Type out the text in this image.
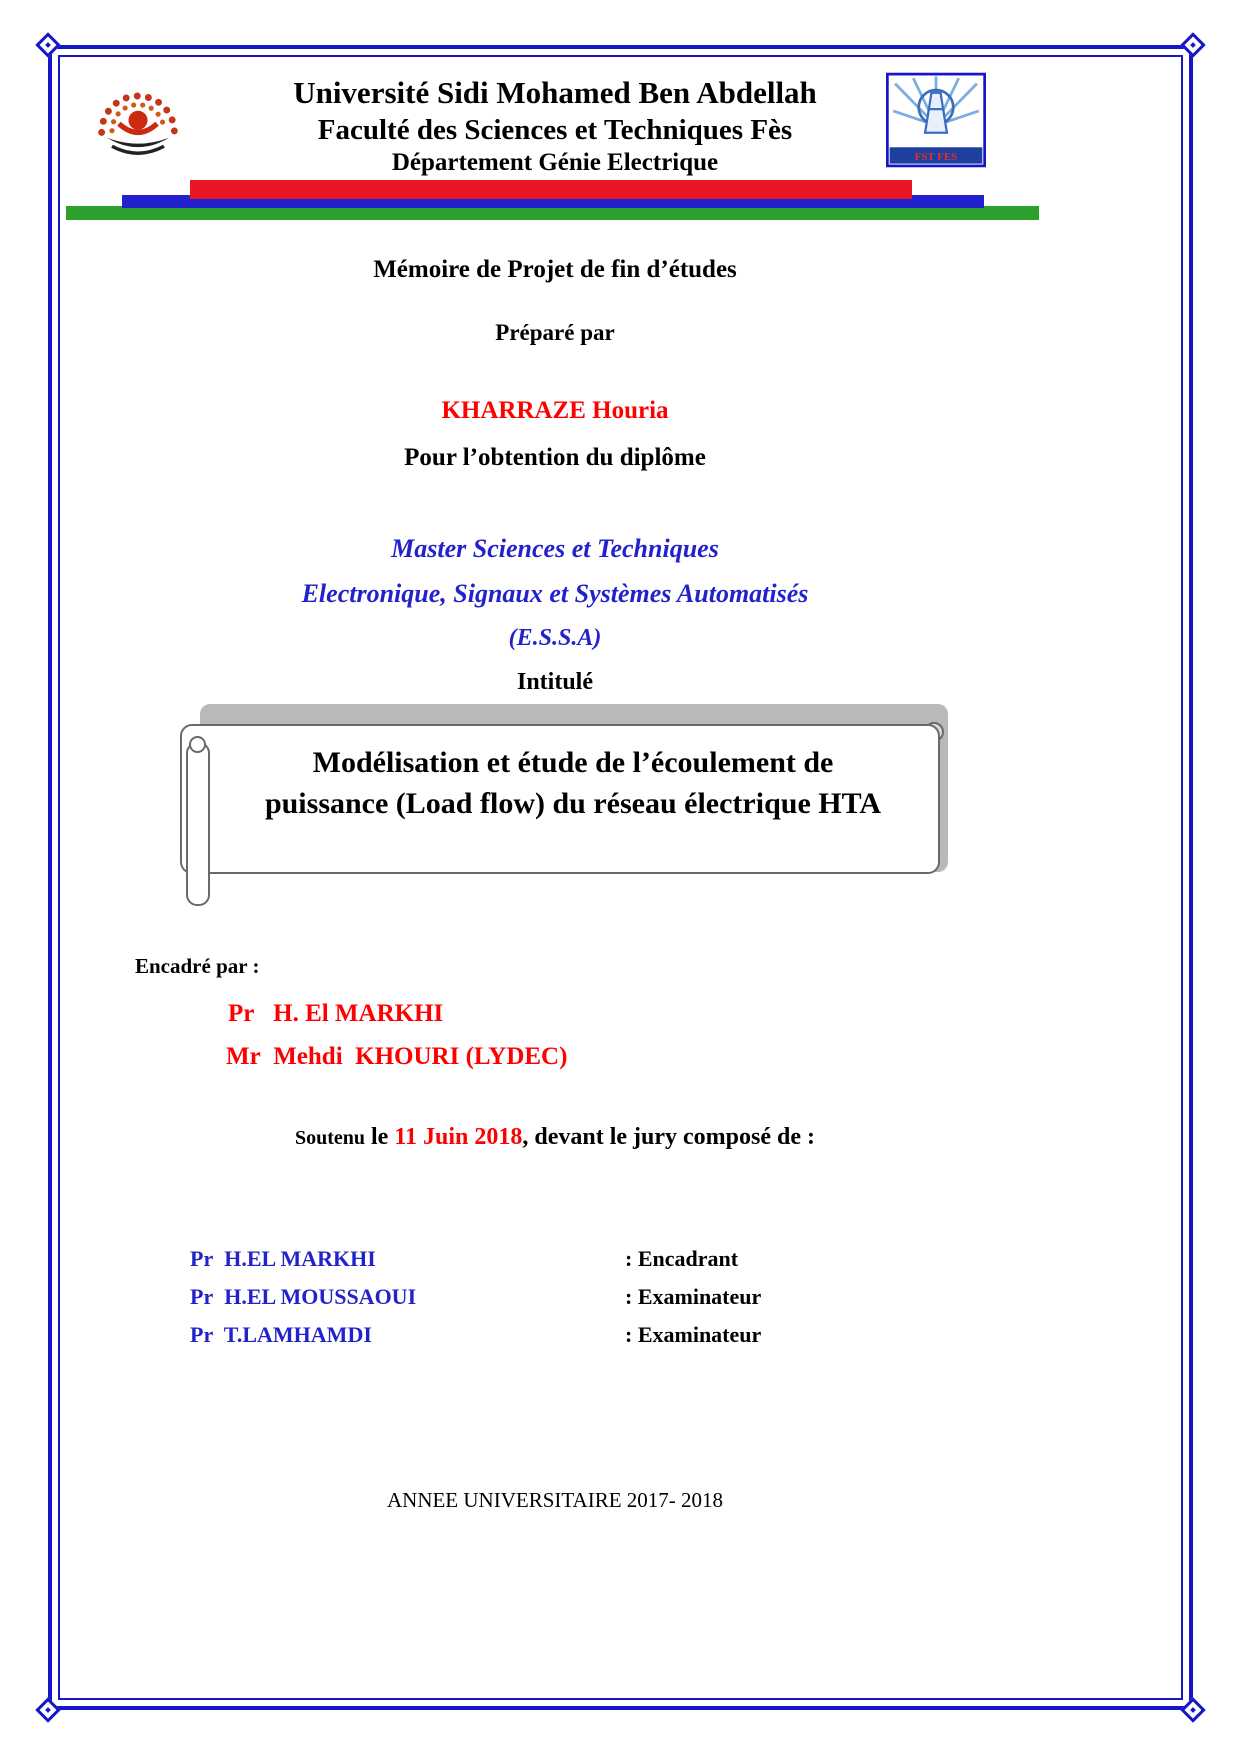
FST FES

Université Sidi Mohamed Ben Abdellah

Faculté des Sciences et Techniques Fès

Département Génie Electrique

Mémoire de Projet de fin d’études

Préparé par

KHARRAZE Houria

Pour l’obtention du diplôme

Master Sciences et Techniques

Electronique, Signaux et Systèmes Automatisés

(E.S.S.A)

Intitulé

Modélisation et étude de l’écoulement de
puissance (Load flow) du réseau électrique HTA

Encadré par :

Pr   H. El MARKHI

Mr  Mehdi  KHOURI (LYDEC)

Soutenu le 11 Juin 2018, devant le jury composé de :

Pr  H.EL MARKHI	: Encadrant
Pr  H.EL MOUSSAOUI	: Examinateur
Pr  T.LAMHAMDI	: Examinateur

ANNEE UNIVERSITAIRE 2017- 2018
